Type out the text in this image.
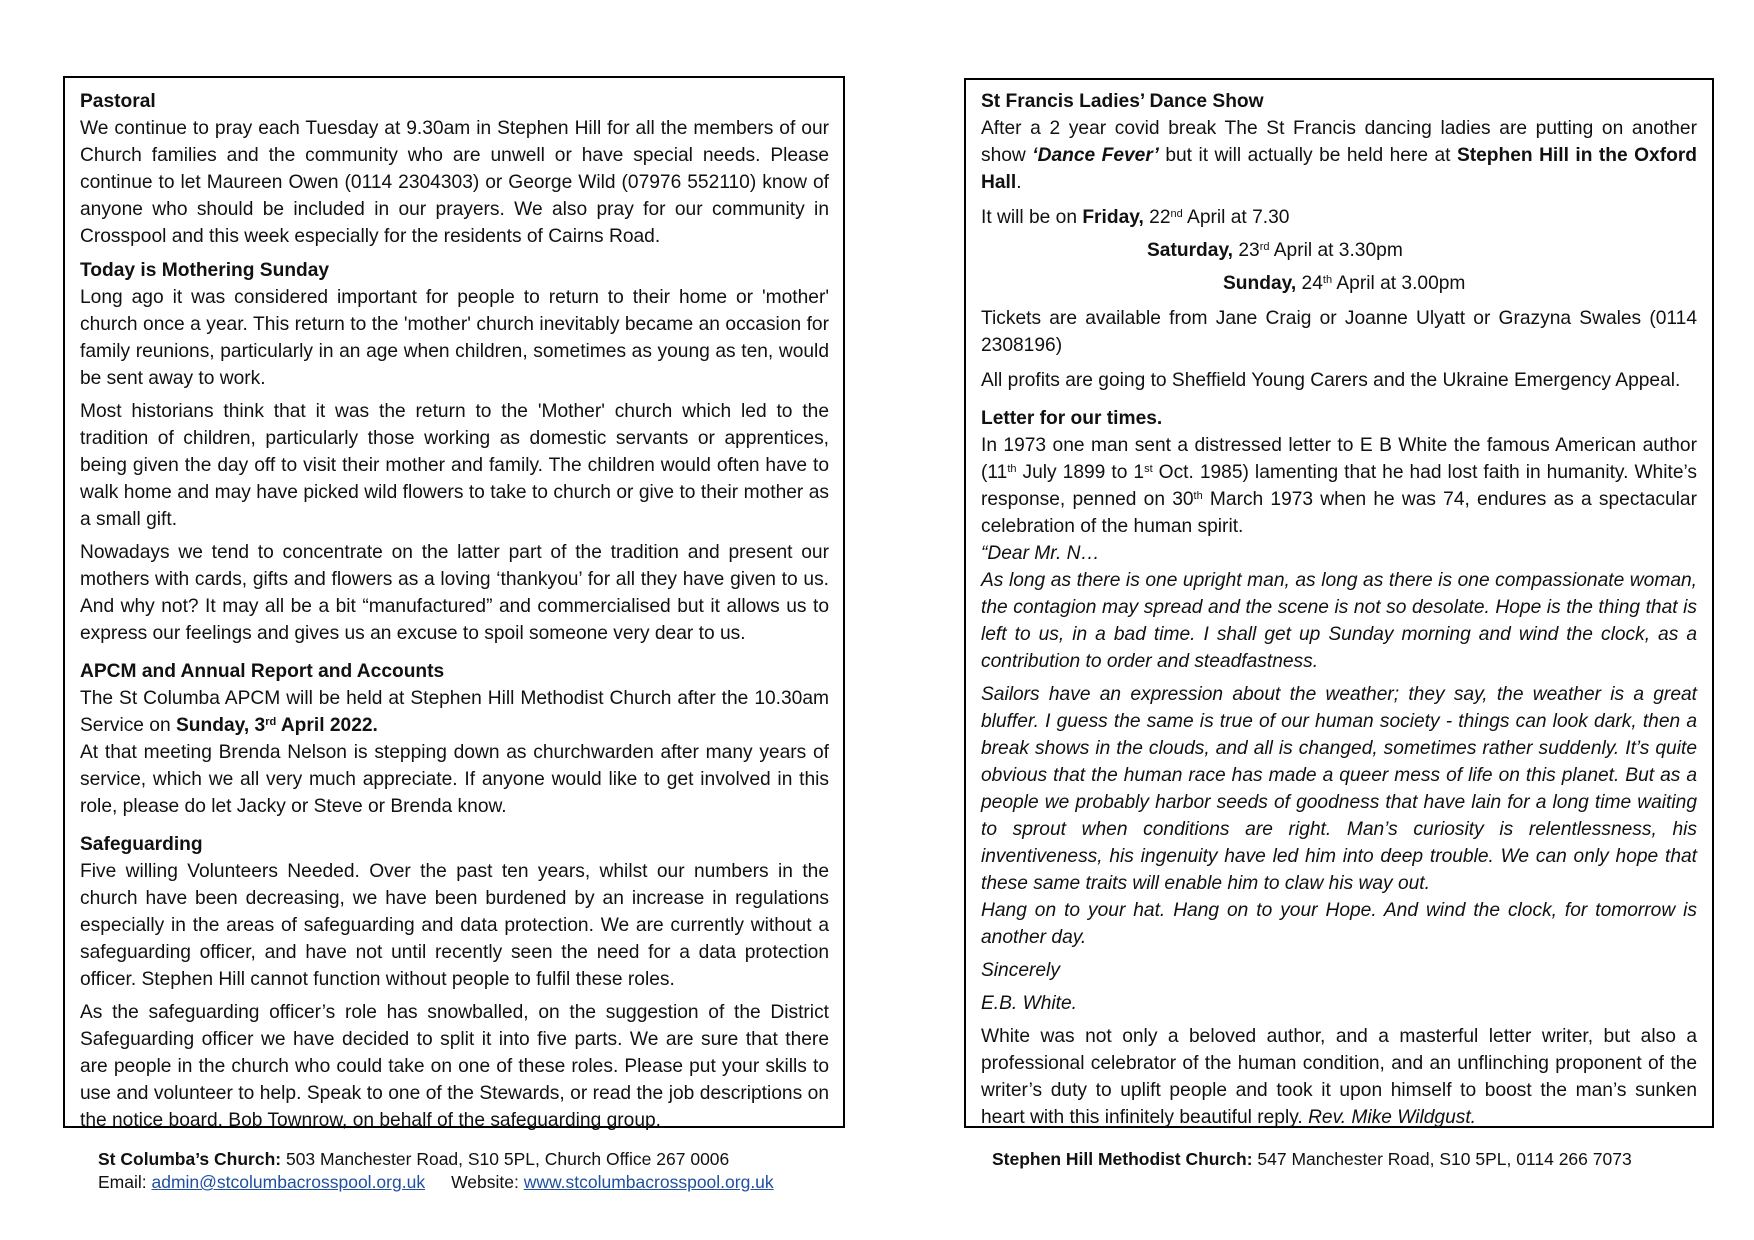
Pastoral

We continue to pray each Tuesday at 9.30am in Stephen Hill for all the members of our Church families and the community who are unwell or have special needs. Please continue to let Maureen Owen (0114 2304303) or George Wild (07976 552110) know of anyone who should be included in our prayers. We also pray for our community in Crosspool and this week especially for the residents of Cairns Road.

Today is Mothering Sunday

Long ago it was considered important for people to return to their home or 'mother' church once a year. This return to the 'mother' church inevitably became an occasion for family reunions, particularly in an age when children, sometimes as young as ten, would be sent away to work.

Most historians think that it was the return to the 'Mother' church which led to the tradition of children, particularly those working as domestic servants or apprentices, being given the day off to visit their mother and family. The children would often have to walk home and may have picked wild flowers to take to church or give to their mother as a small gift.

Nowadays we tend to concentrate on the latter part of the tradition and present our mothers with cards, gifts and flowers as a loving ‘thankyou’ for all they have given to us. And why not? It may all be a bit “manufactured” and commercialised but it allows us to express our feelings and gives us an excuse to spoil someone very dear to us.

APCM and Annual Report and Accounts

The St Columba APCM will be held at Stephen Hill Methodist Church after the 10.30am Service on Sunday, 3rd April 2022.

At that meeting Brenda Nelson is stepping down as churchwarden after many years of service, which we all very much appreciate. If anyone would like to get involved in this role, please do let Jacky or Steve or Brenda know.

Safeguarding

Five willing Volunteers Needed. Over the past ten years, whilst our numbers in the church have been decreasing, we have been burdened by an increase in regulations especially in the areas of safeguarding and data protection. We are currently without a safeguarding officer, and have not until recently seen the need for a data protection officer. Stephen Hill cannot function without people to fulfil these roles.

As the safeguarding officer’s role has snowballed, on the suggestion of the District Safeguarding officer we have decided to split it into five parts. We are sure that there are people in the church who could take on one of these roles. Please put your skills to use and volunteer to help. Speak to one of the Stewards, or read the job descriptions on the notice board. Bob Townrow, on behalf of the safeguarding group.

St Francis Ladies’ Dance Show

After a 2 year covid break The St Francis dancing ladies are putting on another show ‘Dance Fever’ but it will actually be held here at Stephen Hill in the Oxford Hall.

It will be on Friday, 22nd April at 7.30
Saturday, 23rd April at 3.30pm
Sunday, 24th April at 3.00pm

Tickets are available from Jane Craig or Joanne Ulyatt or Grazyna Swales (0114 2308196)

All profits are going to Sheffield Young Carers and the Ukraine Emergency Appeal.

Letter for our times.

In 1973 one man sent a distressed letter to E B White the famous American author (11th July 1899 to 1st Oct. 1985) lamenting that he had lost faith in humanity. White’s response, penned on 30th March 1973 when he was 74, endures as a spectacular celebration of the human spirit.

“Dear Mr. N…

As long as there is one upright man, as long as there is one compassionate woman, the contagion may spread and the scene is not so desolate. Hope is the thing that is left to us, in a bad time. I shall get up Sunday morning and wind the clock, as a contribution to order and steadfastness.

Sailors have an expression about the weather; they say, the weather is a great bluffer. I guess the same is true of our human society - things can look dark, then a break shows in the clouds, and all is changed, sometimes rather suddenly. It’s quite obvious that the human race has made a queer mess of life on this planet. But as a people we probably harbor seeds of goodness that have lain for a long time waiting to sprout when conditions are right. Man’s curiosity is relentlessness, his inventiveness, his ingenuity have led him into deep trouble. We can only hope that these same traits will enable him to claw his way out.

Hang on to your hat. Hang on to your Hope. And wind the clock, for tomorrow is another day.

Sincerely

E.B. White.

White was not only a beloved author, and a masterful letter writer, but also a professional celebrator of the human condition, and an unflinching proponent of the writer’s duty to uplift people and took it upon himself to boost the man’s sunken heart with this infinitely beautiful reply. Rev. Mike Wildgust.

St Columba’s Church: 503 Manchester Road, S10 5PL, Church Office 267 0006
Email: admin@stcolumbacrosspool.org.uk Website: www.stcolumbacrosspool.org.uk
Stephen Hill Methodist Church: 547 Manchester Road, S10 5PL, 0114 266 7073
